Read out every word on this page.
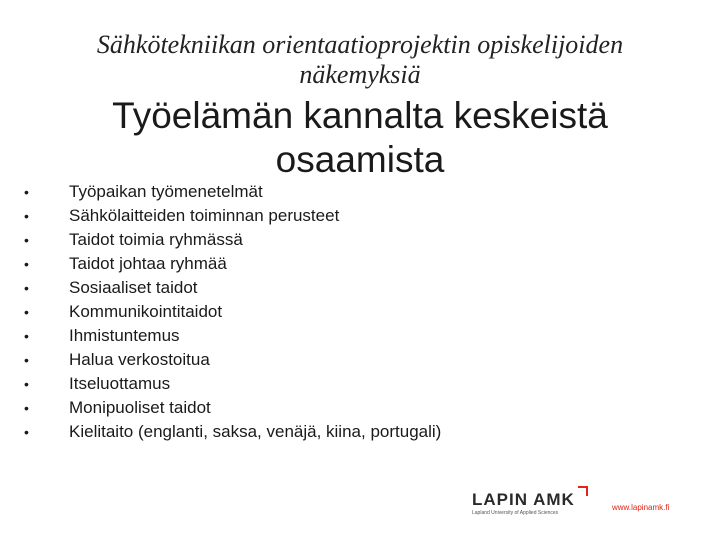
Sähkötekniikan orientaatioprojektin opiskelijoiden
näkemyksiä
Työelämän kannalta keskeistä
osaamista
•	Työpaikan työmenetelmät
•	Sähkölaitteiden toiminnan perusteet
•	Taidot toimia ryhmässä
•	Taidot johtaa ryhmää
•	Sosiaaliset taidot
•	Kommunikointitaidot
•	Ihmistuntemus
•	Halua verkostoitua
•	Itseluottamus
•	Monipuoliset taidot
•	Kielitaito (englanti, saksa, venäjä, kiina, portugali)
LAPIN AMK
Lapland University of Applied Sciences
www.lapinamk.fi
